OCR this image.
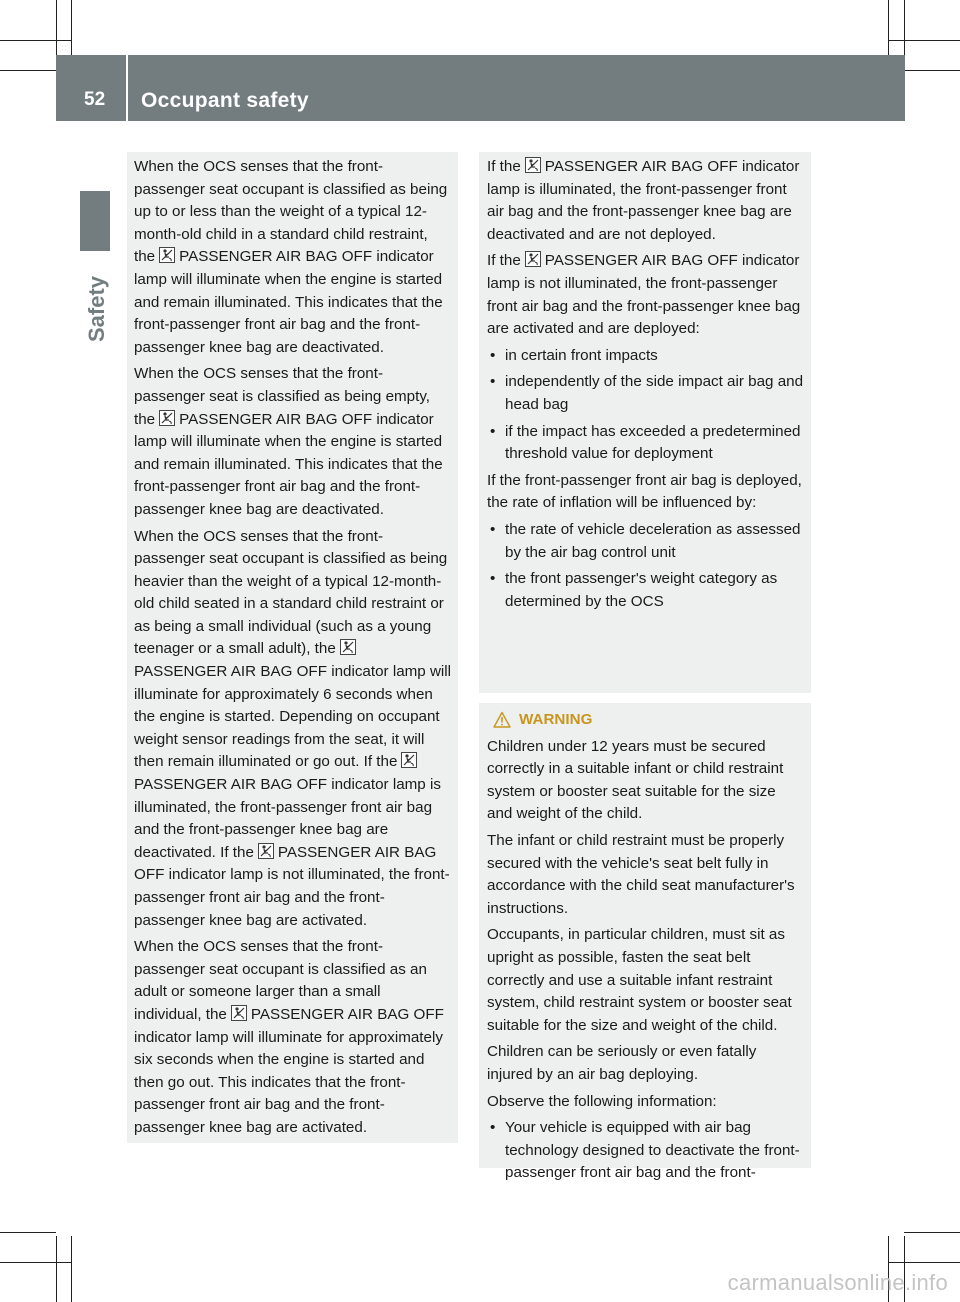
52	Occupant safety
Safety

When the OCS senses that the front-passenger seat occupant is classified as being up to or less than the weight of a typical 12-month-old child in a standard child restraint, the PASSENGER AIR BAG OFF indicator lamp will illuminate when the engine is started and remain illuminated. This indicates that the front-passenger front air bag and the front-passenger knee bag are deactivated.

When the OCS senses that the front-passenger seat is classified as being empty, the PASSENGER AIR BAG OFF indicator lamp will illuminate when the engine is started and remain illuminated. This indicates that the front-passenger front air bag and the front-passenger knee bag are deactivated.

When the OCS senses that the front-passenger seat occupant is classified as being heavier than the weight of a typical 12-month-old child seated in a standard child restraint or as being a small individual (such as a young teenager or a small adult), the
PASSENGER AIR BAG OFF indicator lamp will illuminate for approximately 6 seconds when the engine is started. Depending on occupant weight sensor readings from the seat, it will then remain illuminated or go out. If the
PASSENGER AIR BAG OFF indicator lamp is illuminated, the front-passenger front air bag and the front-passenger knee bag are deactivated. If the PASSENGER AIR BAG OFF indicator lamp is not illuminated, the front-passenger front air bag and the front-passenger knee bag are activated.

When the OCS senses that the front-passenger seat occupant is classified as an adult or someone larger than a small individual, the PASSENGER AIR BAG OFF indicator lamp will illuminate for approximately six seconds when the engine is started and then go out. This indicates that the front-passenger front air bag and the front-passenger knee bag are activated.

If the PASSENGER AIR BAG OFF indicator lamp is illuminated, the front-passenger front air bag and the front-passenger knee bag are deactivated and are not deployed.

If the PASSENGER AIR BAG OFF indicator lamp is not illuminated, the front-passenger front air bag and the front-passenger knee bag are activated and are deployed:

• in certain front impacts
• independently of the side impact air bag and head bag
• if the impact has exceeded a predetermined threshold value for deployment

If the front-passenger front air bag is deployed, the rate of inflation will be influenced by:

• the rate of vehicle deceleration as assessed by the air bag control unit
• the front passenger's weight category as determined by the OCS
WARNING

Children under 12 years must be secured correctly in a suitable infant or child restraint system or booster seat suitable for the size and weight of the child.

The infant or child restraint must be properly secured with the vehicle's seat belt fully in accordance with the child seat manufacturer's instructions.

Occupants, in particular children, must sit as upright as possible, fasten the seat belt correctly and use a suitable infant restraint system, child restraint system or booster seat suitable for the size and weight of the child.

Children can be seriously or even fatally injured by an air bag deploying.

Observe the following information:

• Your vehicle is equipped with air bag technology designed to deactivate the front-passenger front air bag and the front-
carmanualsonline.info
